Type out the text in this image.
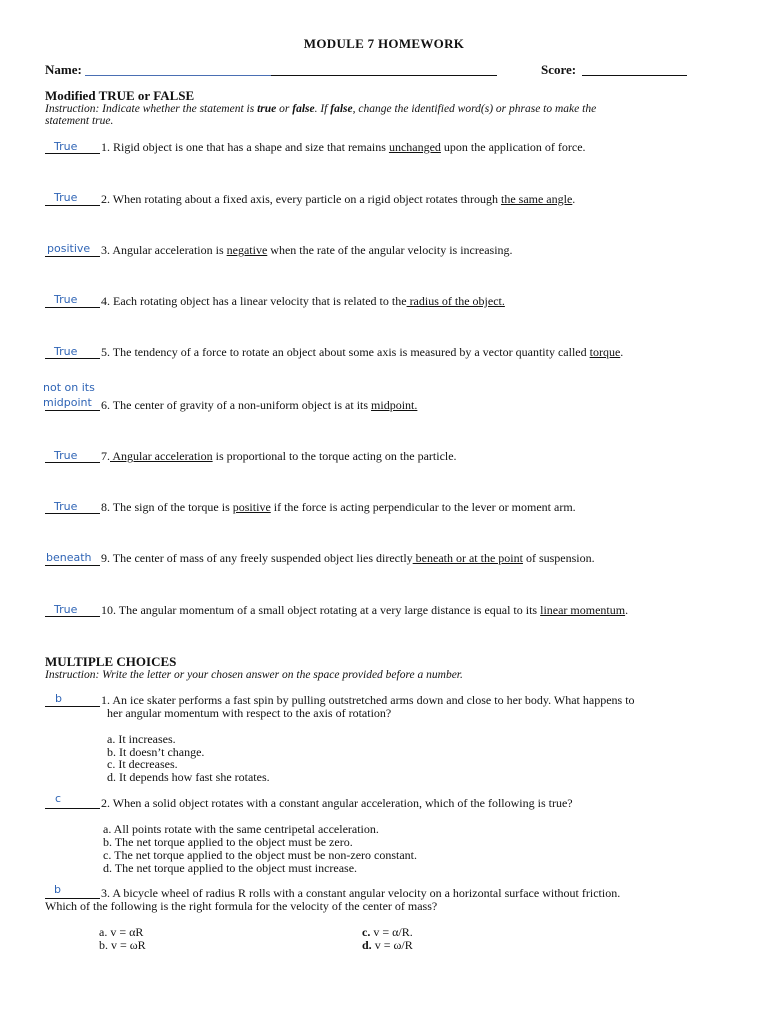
MODULE 7 HOMEWORK
Name:	Score:
Modified TRUE or FALSE
Instruction: Indicate whether the statement is true or false. If false, change the identified word(s) or phrase to make the
statement true.
True 1. Rigid object is one that has a shape and size that remains unchanged upon the application of force.
True 2. When rotating about a fixed axis, every particle on a rigid object rotates through the same angle.
positive 3. Angular acceleration is negative when the rate of the angular velocity is increasing.
True 4. Each rotating object has a linear velocity that is related to the radius of the object.
True 5. The tendency of a force to rotate an object about some axis is measured by a vector quantity called torque.
not on its
midpoint 6. The center of gravity of a non-uniform object is at its midpoint.
True 7. Angular acceleration is proportional to the torque acting on the particle.
True 8. The sign of the torque is positive if the force is acting perpendicular to the lever or moment arm.
beneath 9. The center of mass of any freely suspended object lies directly beneath or at the point of suspension.
True 10. The angular momentum of a small object rotating at a very large distance is equal to its linear momentum.
MULTIPLE CHOICES
Instruction: Write the letter or your chosen answer on the space provided before a number.
b	1. An ice skater performs a fast spin by pulling outstretched arms down and close to her body. What happens to
her angular momentum with respect to the axis of rotation?
a. It increases.
b. It doesn’t change.
c. It decreases.
d. It depends how fast she rotates.
c	2. When a solid object rotates with a constant angular acceleration, which of the following is true?
a. All points rotate with the same centripetal acceleration.
b. The net torque applied to the object must be zero.
c. The net torque applied to the object must be non-zero constant.
d. The net torque applied to the object must increase.
b	3. A bicycle wheel of radius R rolls with a constant angular velocity on a horizontal surface without friction.
Which of the following is the right formula for the velocity of the center of mass?
a. v = αR
b. v = ωR
c. v = α/R.
d. v = ω/R
